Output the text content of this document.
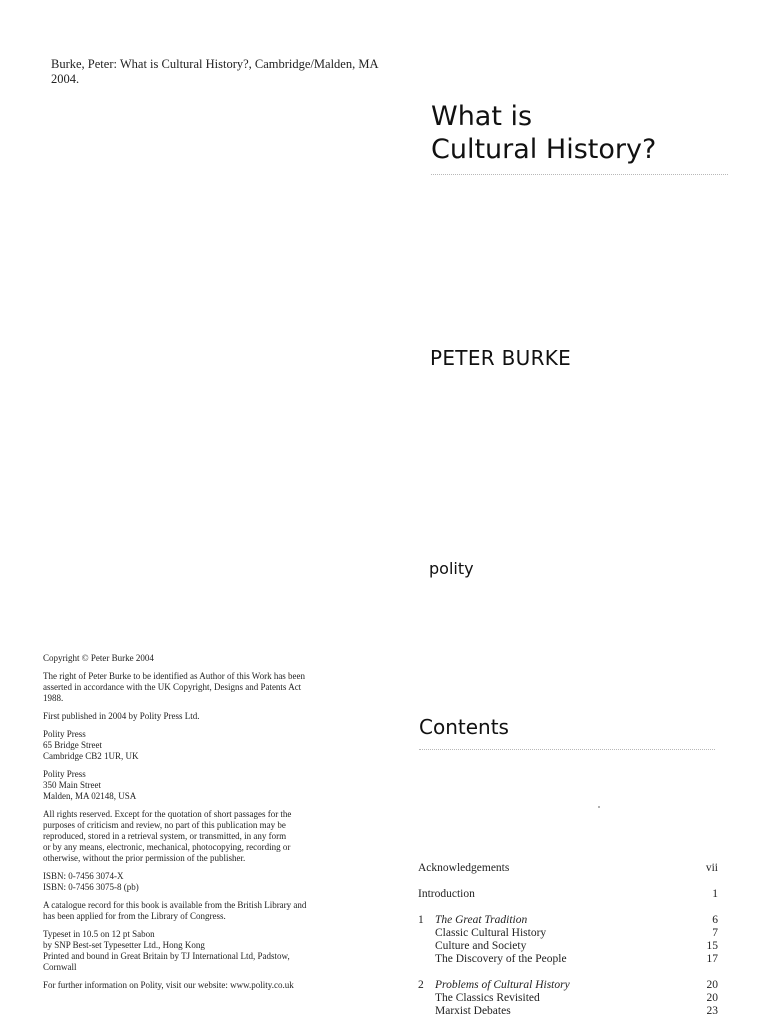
Burke, Peter: What is Cultural History?, Cambridge/Malden, MA 2004.
What is
Cultural History?
PETER BURKE
polity

Copyright © Peter Burke 2004

The right of Peter Burke to be identified as Author of this Work has been
asserted in accordance with the UK Copyright, Designs and Patents Act
1988.

First published in 2004 by Polity Press Ltd.

Polity Press
65 Bridge Street
Cambridge CB2 1UR, UK

Polity Press
350 Main Street
Malden, MA 02148, USA

All rights reserved. Except for the quotation of short passages for the
purposes of criticism and review, no part of this publication may be
reproduced, stored in a retrieval system, or transmitted, in any form
or by any means, electronic, mechanical, photocopying, recording or
otherwise, without the prior permission of the publisher.

ISBN: 0-7456 3074-X
ISBN: 0-7456 3075-8 (pb)

A catalogue record for this book is available from the British Library and
has been applied for from the Library of Congress.

Typeset in 10.5 on 12 pt Sabon
by SNP Best-set Typesetter Ltd., Hong Kong
Printed and bound in Great Britain by TJ International Ltd, Padstow,
Cornwall

For further information on Polity, visit our website: www.polity.co.uk

Contents
Acknowledgements	vii
Introduction	1
1 The Great Tradition	6
Classic Cultural History	7
Culture and Society	15
The Discovery of the People	17
2 Problems of Cultural History	20
The Classics Revisited	20
Marxist Debates	23
